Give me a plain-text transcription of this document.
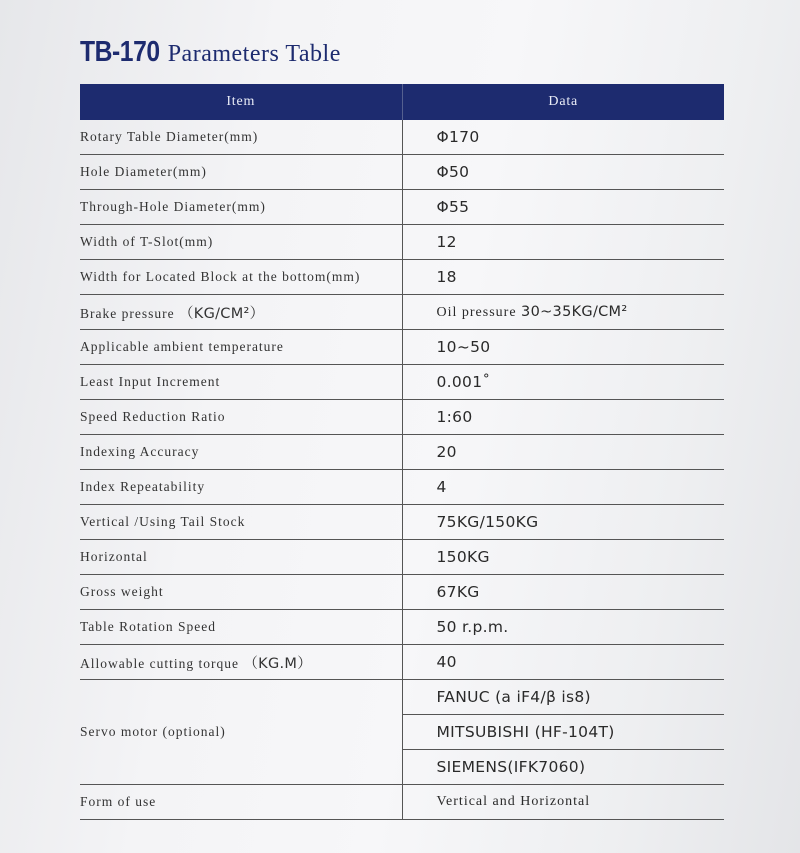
TB-170 Parameters Table
Item	Data
Rotary Table Diameter(mm)	Φ170
Hole Diameter(mm)	Φ50
Through-Hole Diameter(mm)	Φ55
Width of T-Slot(mm)	12
Width for Located Block at the bottom(mm)	18
Brake pressure （KG/CM²）	Oil pressure 30~35KG/CM²
Applicable ambient temperature	10~50
Least Input Increment	0.001˚
Speed Reduction Ratio	1:60
Indexing Accuracy	20
Index Repeatability	4
Vertical /Using Tail Stock	75KG/150KG
Horizontal	150KG
Gross weight	67KG
Table Rotation Speed	50 r.p.m.
Allowable cutting torque （KG.M）	40
Servo motor (optional)	FANUC (a iF4/β is8)
	MITSUBISHI (HF-104T)
	SIEMENS(IFK7060)
Form of use	Vertical and Horizontal
